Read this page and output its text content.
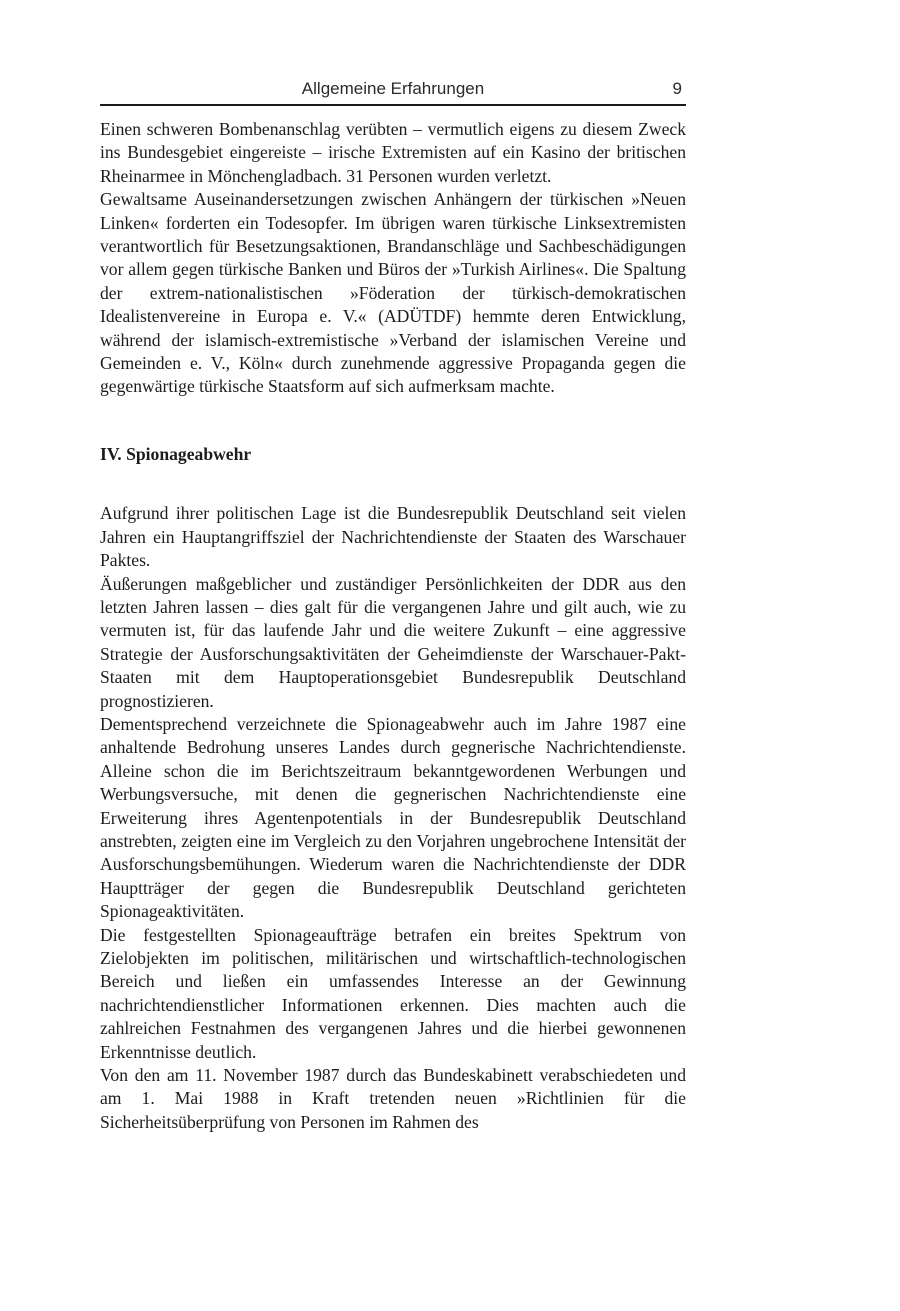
Allgemeine Erfahrungen	9

Einen schweren Bombenanschlag verübten – vermutlich eigens zu diesem Zweck ins Bundesgebiet eingereiste – irische Extremisten auf ein Kasino der britischen Rheinarmee in Mönchengladbach. 31 Personen wurden verletzt.

Gewaltsame Auseinandersetzungen zwischen Anhängern der türkischen »Neuen Linken« forderten ein Todesopfer. Im übrigen waren türkische Linksextremisten verantwortlich für Besetzungsaktionen, Brandanschläge und Sachbeschädigungen vor allem gegen türkische Banken und Büros der »Turkish Airlines«. Die Spaltung der extrem-nationalistischen »Föderation der türkisch-demokratischen Idealistenvereine in Europa e. V.« (ADÜTDF) hemmte deren Entwicklung, während der islamisch-extremistische »Verband der islamischen Vereine und Gemeinden e. V., Köln« durch zunehmende aggressive Propaganda gegen die gegenwärtige türkische Staatsform auf sich aufmerksam machte.

IV. Spionageabwehr

Aufgrund ihrer politischen Lage ist die Bundesrepublik Deutschland seit vielen Jahren ein Hauptangriffsziel der Nachrichtendienste der Staaten des Warschauer Paktes.

Äußerungen maßgeblicher und zuständiger Persönlichkeiten der DDR aus den letzten Jahren lassen – dies galt für die vergangenen Jahre und gilt auch, wie zu vermuten ist, für das laufende Jahr und die weitere Zukunft – eine aggressive Strategie der Ausforschungsaktivitäten der Geheimdienste der Warschauer-Pakt-Staaten mit dem Hauptoperationsgebiet Bundesrepublik Deutschland prognostizieren.

Dementsprechend verzeichnete die Spionageabwehr auch im Jahre 1987 eine anhaltende Bedrohung unseres Landes durch gegnerische Nachrichtendienste. Alleine schon die im Berichtszeitraum bekanntgewordenen Werbungen und Werbungsversuche, mit denen die gegnerischen Nachrichtendienste eine Erweiterung ihres Agentenpotentials in der Bundesrepublik Deutschland anstrebten, zeigten eine im Vergleich zu den Vorjahren ungebrochene Intensität der Ausforschungsbemühungen. Wiederum waren die Nachrichtendienste der DDR Hauptträger der gegen die Bundesrepublik Deutschland gerichteten Spionageaktivitäten.

Die festgestellten Spionageaufträge betrafen ein breites Spektrum von Zielobjekten im politischen, militärischen und wirtschaftlich-technologischen Bereich und ließen ein umfassendes Interesse an der Gewinnung nachrichtendienstlicher Informationen erkennen. Dies machten auch die zahlreichen Festnahmen des vergangenen Jahres und die hierbei gewonnenen Erkenntnisse deutlich.

Von den am 11. November 1987 durch das Bundeskabinett verabschiedeten und am 1. Mai 1988 in Kraft tretenden neuen »Richtlinien für die Sicherheitsüberprüfung von Personen im Rahmen des
